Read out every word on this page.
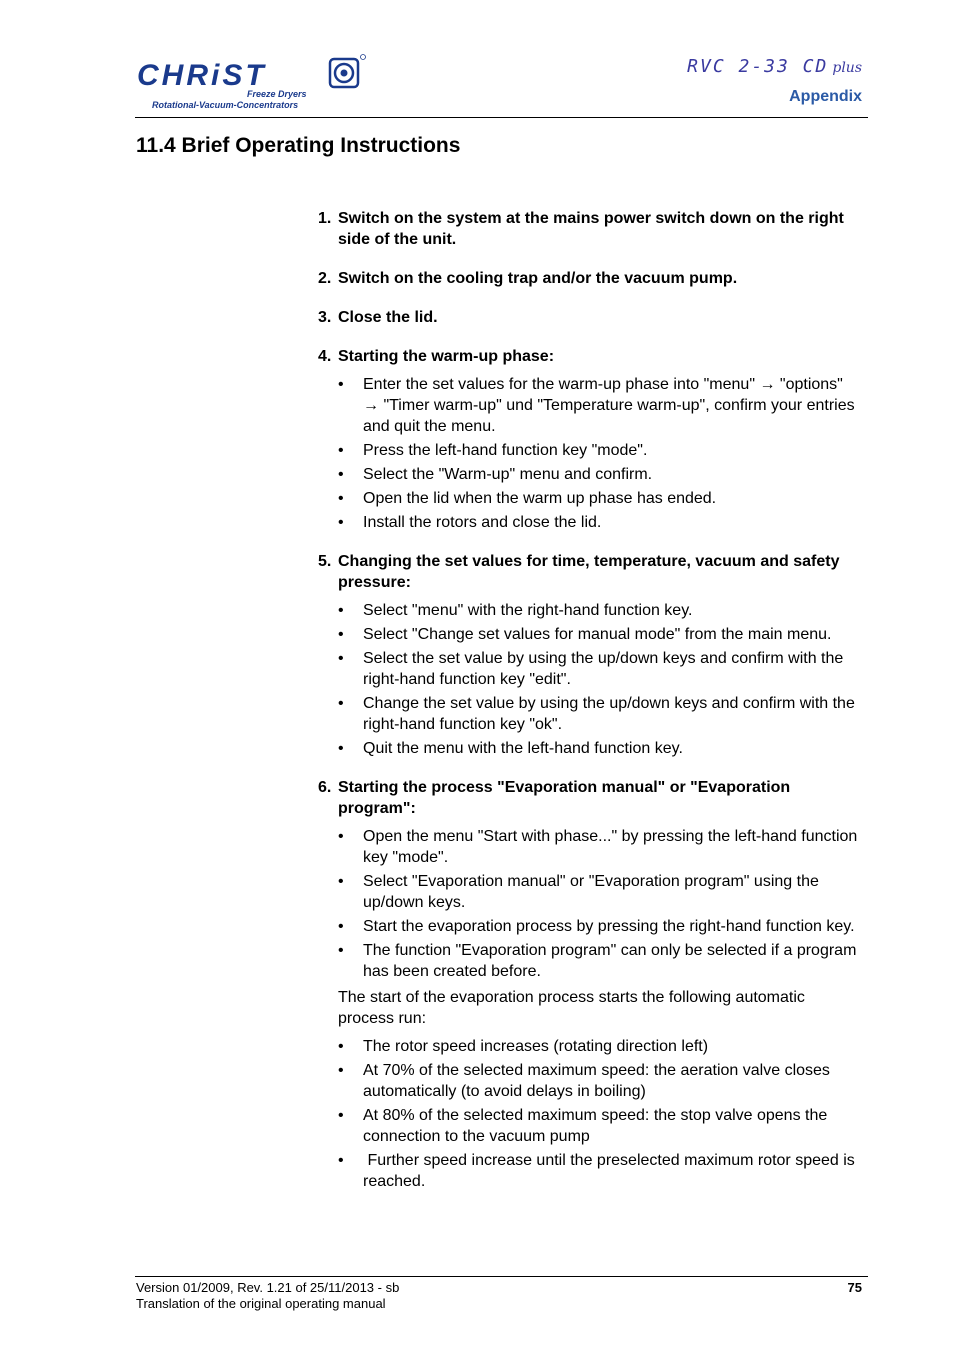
CHRiST
Freeze Dryers
Rotational-Vacuum-Concentrators
RVC 2-33 CD plus
Appendix
11.4 Brief Operating Instructions
1. Switch on the system at the mains power switch down on the right side of the unit.
2. Switch on the cooling trap and/or the vacuum pump.
3. Close the lid.
4. Starting the warm-up phase:
•	Enter the set values for the warm-up phase into "menu" → "options" → "Timer warm-up" und "Temperature warm-up", confirm your entries and quit the menu.
•	Press the left-hand function key "mode".
•	Select the "Warm-up" menu and confirm.
•	Open the lid when the warm up phase has ended.
•	Install the rotors and close the lid.
5. Changing the set values for time, temperature, vacuum and safety pressure:
•	Select "menu" with the right-hand function key.
•	Select "Change set values for manual mode" from the main menu.
•	Select the set value by using the up/down keys and confirm with the right-hand function key "edit".
•	Change the set value by using the up/down keys and confirm with the right-hand function key "ok".
•	Quit the menu with the left-hand function key.
6. Starting the process "Evaporation manual" or "Evaporation program":
•	Open the menu "Start with phase..." by pressing the left-hand function key "mode".
•	Select "Evaporation manual" or "Evaporation program" using the up/down keys.
•	Start the evaporation process by pressing the right-hand function key.
•	The function "Evaporation program" can only be selected if a program has been created before.
The start of the evaporation process starts the following automatic process run:
•	The rotor speed increases (rotating direction left)
•	At 70% of the selected maximum speed: the aeration valve closes automatically (to avoid delays in boiling)
•	At 80% of the selected maximum speed: the stop valve opens the connection to the vacuum pump
•	Further speed increase until the preselected maximum rotor speed is reached.
Version 01/2009, Rev. 1.21 of 25/11/2013 - sb
Translation of the original operating manual
75
